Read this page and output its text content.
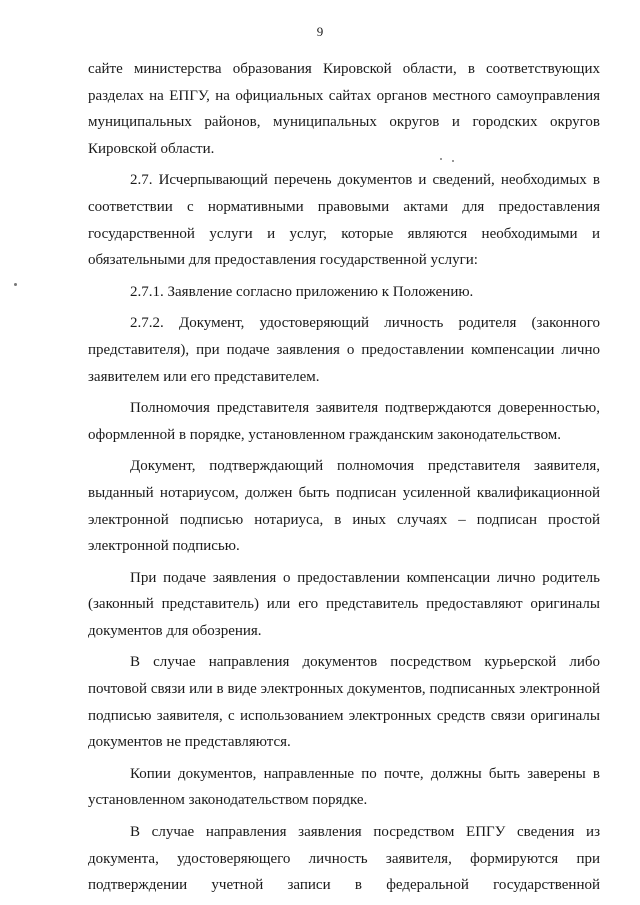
9

сайте министерства образования Кировской области, в соответствующих разделах на ЕПГУ, на официальных сайтах органов местного самоуправления муниципальных районов, муниципальных округов и городских округов Кировской области.

2.7. Исчерпывающий перечень документов и сведений, необходимых в соответствии с нормативными правовыми актами для предоставления государственной услуги и услуг, которые являются необходимыми и обязательными для предоставления государственной услуги:

2.7.1. Заявление согласно приложению к Положению.

2.7.2. Документ, удостоверяющий личность родителя (законного представителя), при подаче заявления о предоставлении компенсации лично заявителем или его представителем.

Полномочия представителя заявителя подтверждаются доверенностью, оформленной в порядке, установленном гражданским законодательством.

Документ, подтверждающий полномочия представителя заявителя, выданный нотариусом, должен быть подписан усиленной квалификационной электронной подписью нотариуса, в иных случаях – подписан простой электронной подписью.

При подаче заявления о предоставлении компенсации лично родитель (законный представитель) или его представитель предоставляют оригиналы документов для обозрения.

В случае направления документов посредством курьерской либо почтовой связи или в виде электронных документов, подписанных электронной подписью заявителя, с использованием электронных средств связи оригиналы документов не представляются.

Копии документов, направленные по почте, должны быть заверены в установленном законодательством порядке.

В случае направления заявления посредством ЕПГУ сведения из документа, удостоверяющего личность заявителя, формируются при подтверждении учетной записи в федеральной государственной
